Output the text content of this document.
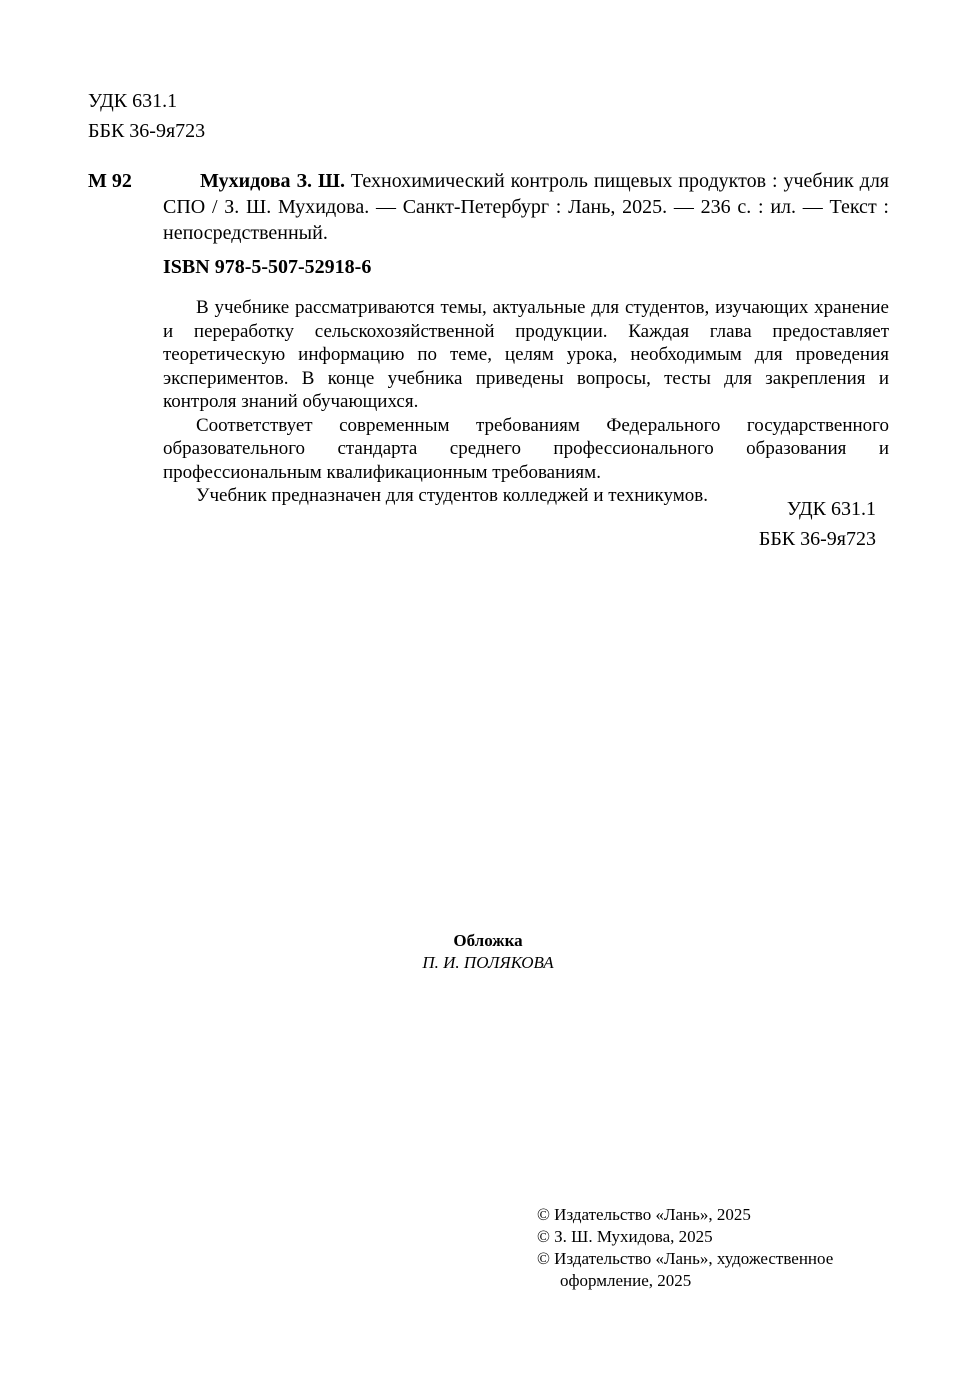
УДК 631.1
ББК 36-9я723
М 92	Мухидова З. Ш. Технохимический контроль пищевых продуктов : учебник для СПО / З. Ш. Мухидова. — Санкт-Петербург : Лань, 2025. — 236 с. : ил. — Текст : непосредственный.

ISBN 978-5-507-52918-6

В учебнике рассматриваются темы, актуальные для студентов, изучающих хранение и переработку сельскохозяйственной продукции. Каждая глава предоставляет теоретическую информацию по теме, целям урока, необходимым для проведения экспериментов. В конце учебника приведены вопросы, тесты для закрепления и контроля знаний обучающихся.

Соответствует современным требованиям Федерального государственного образовательного стандарта среднего профессионального образования и профессиональным квалификационным требованиям.

Учебник предназначен для студентов колледжей и техникумов.

УДК 631.1
ББК 36-9я723
Обложка
П. И. ПОЛЯКОВА
© Издательство «Лань», 2025
© З. Ш. Мухидова, 2025
© Издательство «Лань», художественное оформление, 2025
